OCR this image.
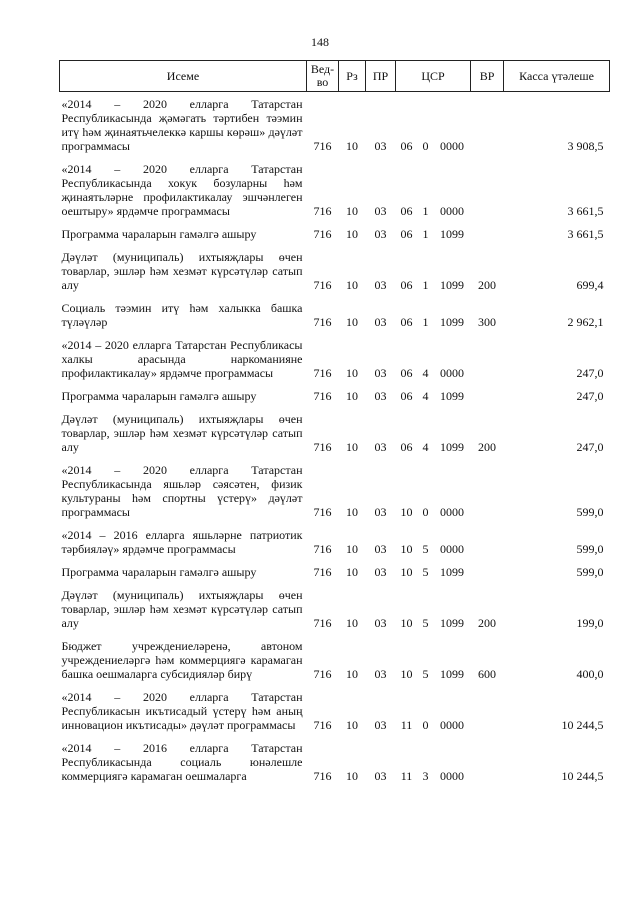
148
Исеме	Вед-во	Рз	ПР	ЦСР			ВР	Касса үтәлеше
«2014 – 2020 елларга Татарстан Республикасында җәмәгать тәртибен тәэмин итү һәм җинаятьчелеккә каршы көрәш» дәүләт программасы	716	10	03	06	0	0000		3 908,5
«2014 – 2020 елларга Татарстан Республикасында хокук бозуларны һәм җинаятьләрне профилактикалау эшчәнлеген оештыру» ярдәмче программасы	716	10	03	06	1	0000		3 661,5
Программа чараларын гамәлгә ашыру	716	10	03	06	1	1099		3 661,5
Дәүләт (муниципаль) ихтыяҗлары өчен товарлар, эшләр һәм хезмәт күрсәтүләр сатып алу	716	10	03	06	1	1099	200	699,4
Социаль тәэмин итү һәм халыкка башка түләүләр	716	10	03	06	1	1099	300	2 962,1
«2014 – 2020 елларга Татарстан Республикасы халкы арасында наркоманияне профилактикалау» ярдәмче программасы	716	10	03	06	4	0000		247,0
Программа чараларын гамәлгә ашыру	716	10	03	06	4	1099		247,0
Дәүләт (муниципаль) ихтыяҗлары өчен товарлар, эшләр һәм хезмәт күрсәтүләр сатып алу	716	10	03	06	4	1099	200	247,0
«2014 – 2020 елларга Татарстан Республикасында яшьләр сәясәтен, физик культураны һәм спортны үстерү» дәүләт программасы	716	10	03	10	0	0000		599,0
«2014 – 2016 елларга яшьләрне патриотик тәрбияләү» ярдәмче программасы	716	10	03	10	5	0000		599,0
Программа чараларын гамәлгә ашыру	716	10	03	10	5	1099		599,0
Дәүләт (муниципаль) ихтыяҗлары өчен товарлар, эшләр һәм хезмәт күрсәтүләр сатып алу	716	10	03	10	5	1099	200	199,0
Бюджет учреждениеләренә, автоном учреждениеләргә һәм коммерциягә карамаган башка оешмаларга субсидияләр бирү	716	10	03	10	5	1099	600	400,0
«2014 – 2020 елларга Татарстан Республикасын икътисадый үстерү һәм аның инновацион икътисады» дәүләт программасы	716	10	03	11	0	0000		10 244,5
«2014 – 2016 елларга Татарстан Республикасында социаль юнәлешле коммерциягә карамаган оешмаларга	716	10	03	11	3	0000		10 244,5
